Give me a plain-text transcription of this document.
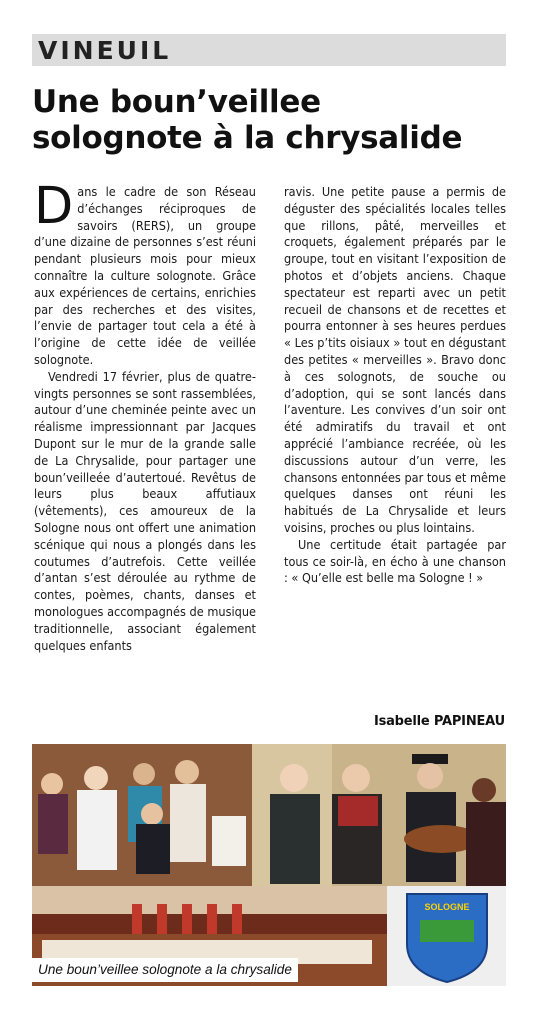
VINEUIL
Une boun’veillee
solognote à la chrysalide

Dans le cadre de son Réseau d’échanges réciproques de savoirs (RERS), un groupe d’une dizaine de personnes s’est réuni pendant plusieurs mois pour mieux connaître la culture solognote. Grâce aux expériences de certains, enrichies par des recherches et des visites, l’envie de partager tout cela a été à l’origine de cette idée de veillée solognote.

Vendredi 17 février, plus de quatre-vingts personnes se sont rassemblées, autour d’une cheminée peinte avec un réalisme impressionnant par Jacques Dupont sur le mur de la grande salle de La Chrysalide, pour partager une boun’veilleée d’autertoué. Revêtus de leurs plus beaux affutiaux (vêtements), ces amoureux de la Sologne nous ont offert une animation scénique qui nous a plongés dans les coutumes d’autrefois. Cette veillée d’antan s’est déroulée au rythme de contes, poèmes, chants, danses et monologues accompagnés de musique traditionnelle, associant également quelques enfants

ravis. Une petite pause a permis de déguster des spécialités locales telles que rillons, pâté, merveilles et croquets, également préparés par le groupe, tout en visitant l’exposition de photos et d’objets anciens. Chaque spectateur est reparti avec un petit recueil de chansons et de recettes et pourra entonner à ses heures perdues « Les p’tits oisiaux » tout en dégustant des petites « merveilles ». Bravo donc à ces solognots, de souche ou d’adoption, qui se sont lancés dans l’aventure. Les convives d’un soir ont été admiratifs du travail et ont apprécié l’ambiance recréée, où les discussions autour d’un verre, les chansons entonnées par tous et même quelques danses ont réuni les habitués de La Chrysalide et leurs voisins, proches ou plus lointains.

Une certitude était partagée par tous ce soir-là, en écho à une chanson : « Qu’elle est belle ma Sologne ! »

Isabelle PAPINEAU
SOLOGNE
Une boun’veillee solognote a la chrysalide
